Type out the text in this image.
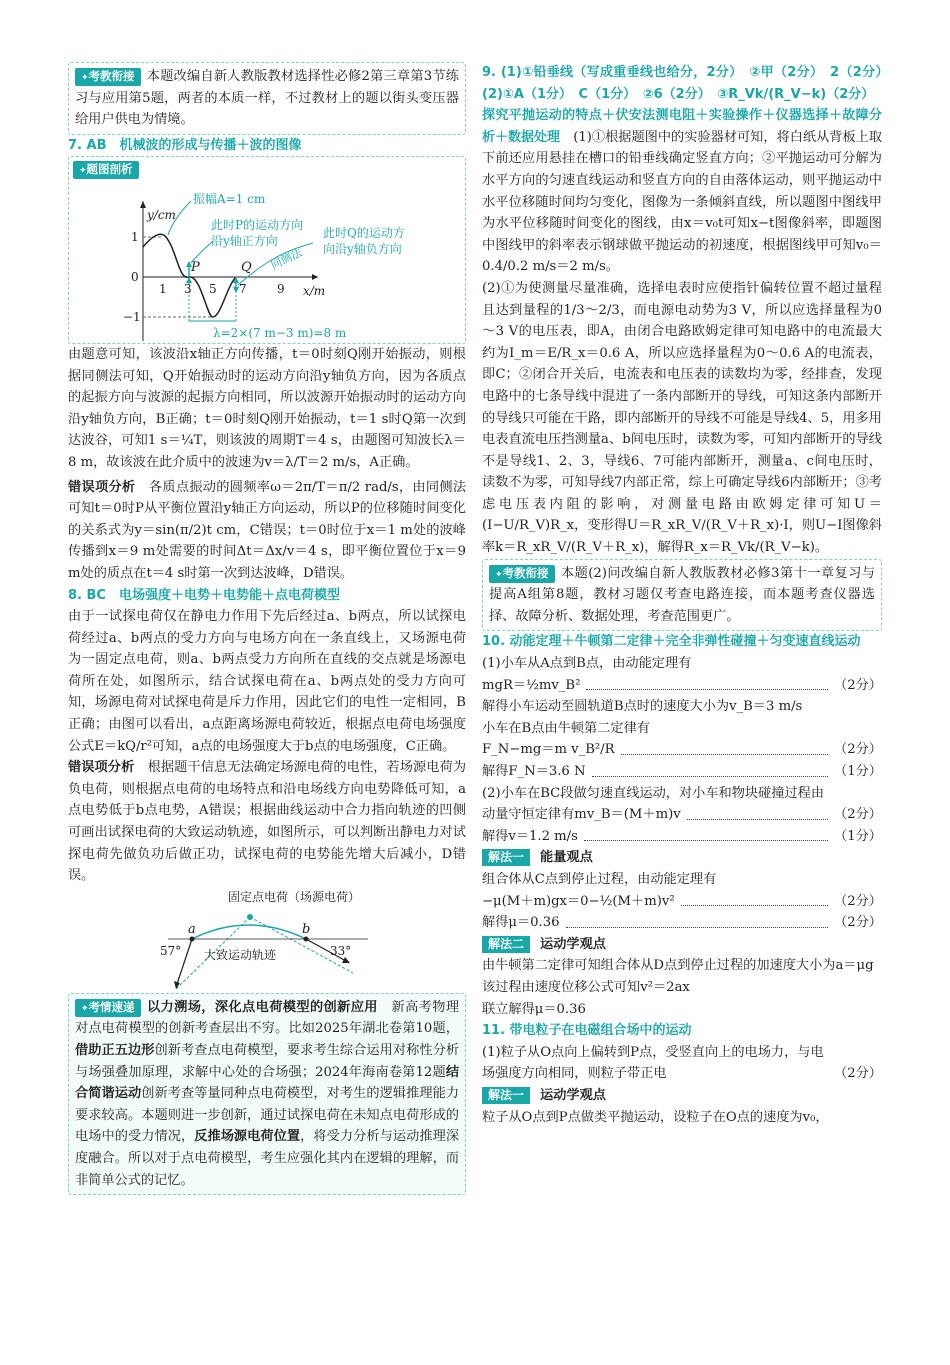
✦ 考教衔接 本题改编自新人教版教材选择性必修2第三章第3节练习与应用第5题，两者的本质一样，不过教材上的题以街头变压器给用户供电为情境。

7. AB　机械波的形成与传播＋波的图像
✦ 题图剖析
振幅A=1 cm
y/cm
x/m
1
0
−1
1 3 5 7	9
P	Q
此时P的运动方向
沿y轴正方向
此时Q的运动方
向沿y轴负方向
同侧法
λ=2×(7 m−3 m)=8 m

由题意可知，该波沿x轴正方向传播，t＝0时刻Q刚开始振动，则根据同侧法可知，Q开始振动时的运动方向沿y轴负方向，因为各质点的起振方向与波源的起振方向相同，所以波源开始振动时的运动方向沿y轴负方向，B正确；t＝0时刻Q刚开始振动，t＝1 s时Q第一次到达波谷，可知1 s＝¼T，则该波的周期T＝4 s，由题图可知波长λ＝8 m，故该波在此介质中的波速为v＝λ/T＝2 m/s，A正确。

错误项分析　 各质点振动的圆频率ω＝2π/T＝π/2 rad/s，由同侧法可知t＝0时P从平衡位置沿y轴正方向运动，所以P的位移随时间变化的关系式为y＝sin(π/2)t cm，C错误；t＝0时位于x＝1 m处的波峰传播到x＝9 m处需要的时间Δt＝Δx/v＝4 s，即平衡位置位于x＝9 m处的质点在t＝4 s时第一次到达波峰，D错误。

8. BC　电场强度＋电势＋电势能＋点电荷模型

由于一试探电荷仅在静电力作用下先后经过a、b两点，所以试探电荷经过a、b两点的受力方向与电场方向在一条直线上，又场源电荷为一固定点电荷，则a、b两点受力方向所在直线的交点就是场源电荷所在处，如图所示，结合试探电荷在a、b两点处的受力方向可知，场源电荷对试探电荷是斥力作用，因此它们的电性一定相同，B正确；由图可以看出，a点距离场源电荷较近，根据点电荷电场强度公式E＝kQ/r²可知，a点的电场强度大于b点的电场强度，C正确。

错误项分析　 根据题干信息无法确定场源电荷的电性，若场源电荷为负电荷，则根据点电荷的电场特点和沿电场线方向电势降低可知，a点电势低于b点电势，A错误；根据曲线运动中合力指向轨迹的凹侧可画出试探电荷的大致运动轨迹，如图所示，可以判断出静电力对试探电荷先做负功后做正功，试探电荷的电势能先增大后减小，D错误。

固定点电荷（场源电荷）
a	b
57°	33°
大致运动轨迹

✦ 考情速递 以力溯场，深化点电荷模型的创新应用　 新高考物理对点电荷模型的创新考查层出不穷。比如2025年湖北卷第10题，借助正五边形创新考查点电荷模型，要求考生综合运用对称性分析与场强叠加原理，求解中心处的合场强；2024年海南卷第12题结合简谐运动创新考查等量同种点电荷模型，对考生的逻辑推理能力要求较高。本题则进一步创新，通过试探电荷在未知点电荷形成的电场中的受力情况，反推场源电荷位置，将受力分析与运动推理深度融合。所以对于点电荷模型，考生应强化其内在逻辑的理解，而非简单公式的记忆。

9. (1)①铅垂线（写成重垂线也给分，2分）　②甲（2分）　2（2分）　(2)①A（1分）　C（1分）　②6（2分）　③R_Vk/(R_V−k)（2分）

探究平抛运动的特点＋伏安法测电阻＋实验操作＋仪器选择＋故障分析＋数据处理　 (1)①根据题图中的实验器材可知，将白纸从背板上取下前还应用悬挂在槽口的铅垂线确定竖直方向；②平抛运动可分解为水平方向的匀速直线运动和竖直方向的自由落体运动，则平抛运动中水平位移随时间均匀变化，图像为一条倾斜直线，所以题图中图线甲为水平位移随时间变化的图线，由x＝v₀t可知x−t图像斜率，即题图中图线甲的斜率表示钢球做平抛运动的初速度，根据图线甲可知v₀＝0.4/0.2 m/s＝2 m/s。

(2)①为使测量尽量准确，选择电表时应使指针偏转位置不超过量程且达到量程的1/3～2/3，而电源电动势为3 V，所以应选择量程为0～3 V的电压表，即A，由闭合电路欧姆定律可知电路中的电流最大约为I_m＝E/R_x＝0.6 A，所以应选择量程为0～0.6 A的电流表，即C；②闭合开关后，电流表和电压表的读数均为零，经排查，发现电路中的七条导线中混进了一条内部断开的导线，可知这条内部断开的导线只可能在干路，即内部断开的导线不可能是导线4、5，用多用电表直流电压挡测量a、b间电压时，读数为零，可知内部断开的导线不是导线1、2、3，导线6、7可能内部断开，测量a、c间电压时，读数不为零，可知导线7内部正常，综上可确定导线6内部断开；③考虑电压表内阻的影响，对测量电路由欧姆定律可知U＝(I−U/R_V)R_x，变形得U＝R_xR_V/(R_V＋R_x)·I，则U−I图像斜率k＝R_xR_V/(R_V＋R_x)，解得R_x＝R_Vk/(R_V−k)。

✦ 考教衔接 本题(2)问改编自新人教版教材必修3第十一章复习与提高A组第8题，教材习题仅考查电路连接，而本题考查仪器选择、故障分析、数据处理，考查范围更广。

10. 动能定理＋牛顿第二定律＋完全非弹性碰撞＋匀变速直线运动

(1)小车从A点到B点，由动能定理有

mgR＝½mv_B²	（2分）

解得小车运动至圆轨道B点时的速度大小为v_B＝3 m/s

小车在B点由牛顿第二定律有

F_N−mg＝m v_B²/R	（2分）
解得F_N＝3.6 N	（1分）

(2)小车在BC段做匀速直线运动，对小车和物块碰撞过程由

动量守恒定律有mv_B＝(M＋m)v	（2分）
解得v＝1.2 m/s	（1分）

解法一 能量观点

组合体从C点到停止过程，由动能定理有

−μ(M＋m)gx＝0−½(M＋m)v²	（2分）
解得μ＝0.36	（2分）

解法二 运动学观点

由牛顿第二定律可知组合体从D点到停止过程的加速度大小为a＝μg

该过程由速度位移公式可知v²＝2ax

联立解得μ＝0.36

11. 带电粒子在电磁组合场中的运动

(1)粒子从O点向上偏转到P点，受竖直向上的电场力，与电场强度方向相同，则粒子带正电	（2分）

解法一 运动学观点

粒子从O点到P点做类平抛运动，设粒子在O点的速度为v₀，
